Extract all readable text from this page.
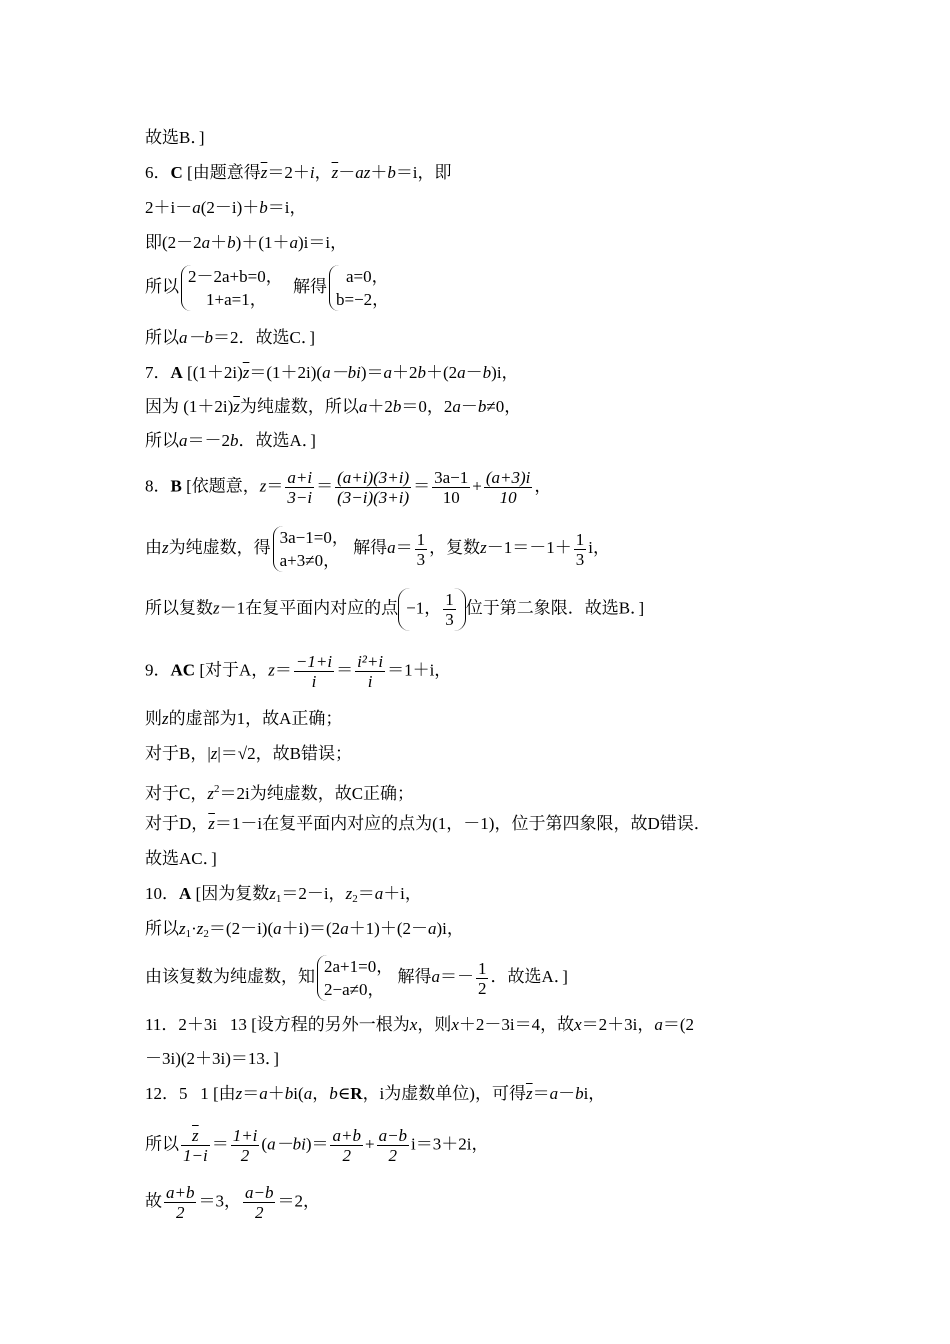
故选B．]
6．C [由题意得$\overline{z}=2+i$，$\overline{z}-az+b=i$，即
2＋i－a(2－i)＋b＝i，
即(2－2a＋b)＋(1＋a)i＝i，
所以
2－2a+b=0，
1+a=1，
解得
a=0，
b=−2，
所以a－b＝2．故选C．]
7．A [$(1+2i)\overline{z}=(1+2i)(a-bi)=a+2b+(2a-b)i$，
因为 $(1+2i)\overline{z}$为纯虚数，所以a＋2b＝0，2a－b≠0，
所以a＝－2b．故选A．]
8．B [依题意，$z= \frac{a+i}{3-i} = \frac{(a+i)(3+i)}{(3-i)(3+i)} = \frac{3a-1}{10} + \frac{(a+3)i}{10}$ ，
由z为纯虚数，得
3a−1=0，
a+3≠0，
解得$a= \frac{1}{3}$ ，复数$z-1=-1+ \frac{1}{3}$ i，
所以复数z－1在复平面内对应的点 −1， $\frac{1}{3}$ 位于第二象限．故选B．]
9．AC [对于A，$z= \frac{-1+i}{i} = \frac{\text{i²+i}}{i} =1+i$，
则z的虚部为1，故A正确；
对于B，|z|＝√2，故B错误；
对于C，$z^2=2i$为纯虚数，故C正确；
对于D，$\overline{z}=1-i$在复平面内对应的点为(1，－1)，位于第四象限，故D错误．
故选AC．]
10．A [因为复数$z_1=2-i$，$z_2=a+i$，
所以$z_1\cdot z_2=(2-i)(a+i)=(2a+1)+(2-a)i$，
由该复数为纯虚数，知
2a+1=0，
2−a≠0，
解得$a=- \frac{1}{2}$ ．故选A．]
11．2＋3i 13 [设方程的另外一根为x，则x＋2－3i＝4，故x＝2＋3i，a＝(2
－3i)(2＋3i)＝13．]
12．5 1 [由z＝a＋bi(a，b∈R，i为虚数单位)，可得$\overline{z}=a-bi$，
所以 $\frac{\overline{z}}{1-i} = \frac{1+i}{2} (a-bi)= \frac{a+b}{2} + \frac{a-b}{2} i=3+2i$，
故 $\frac{a+b}{2} =3$， $\frac{a-b}{2} =2$，
